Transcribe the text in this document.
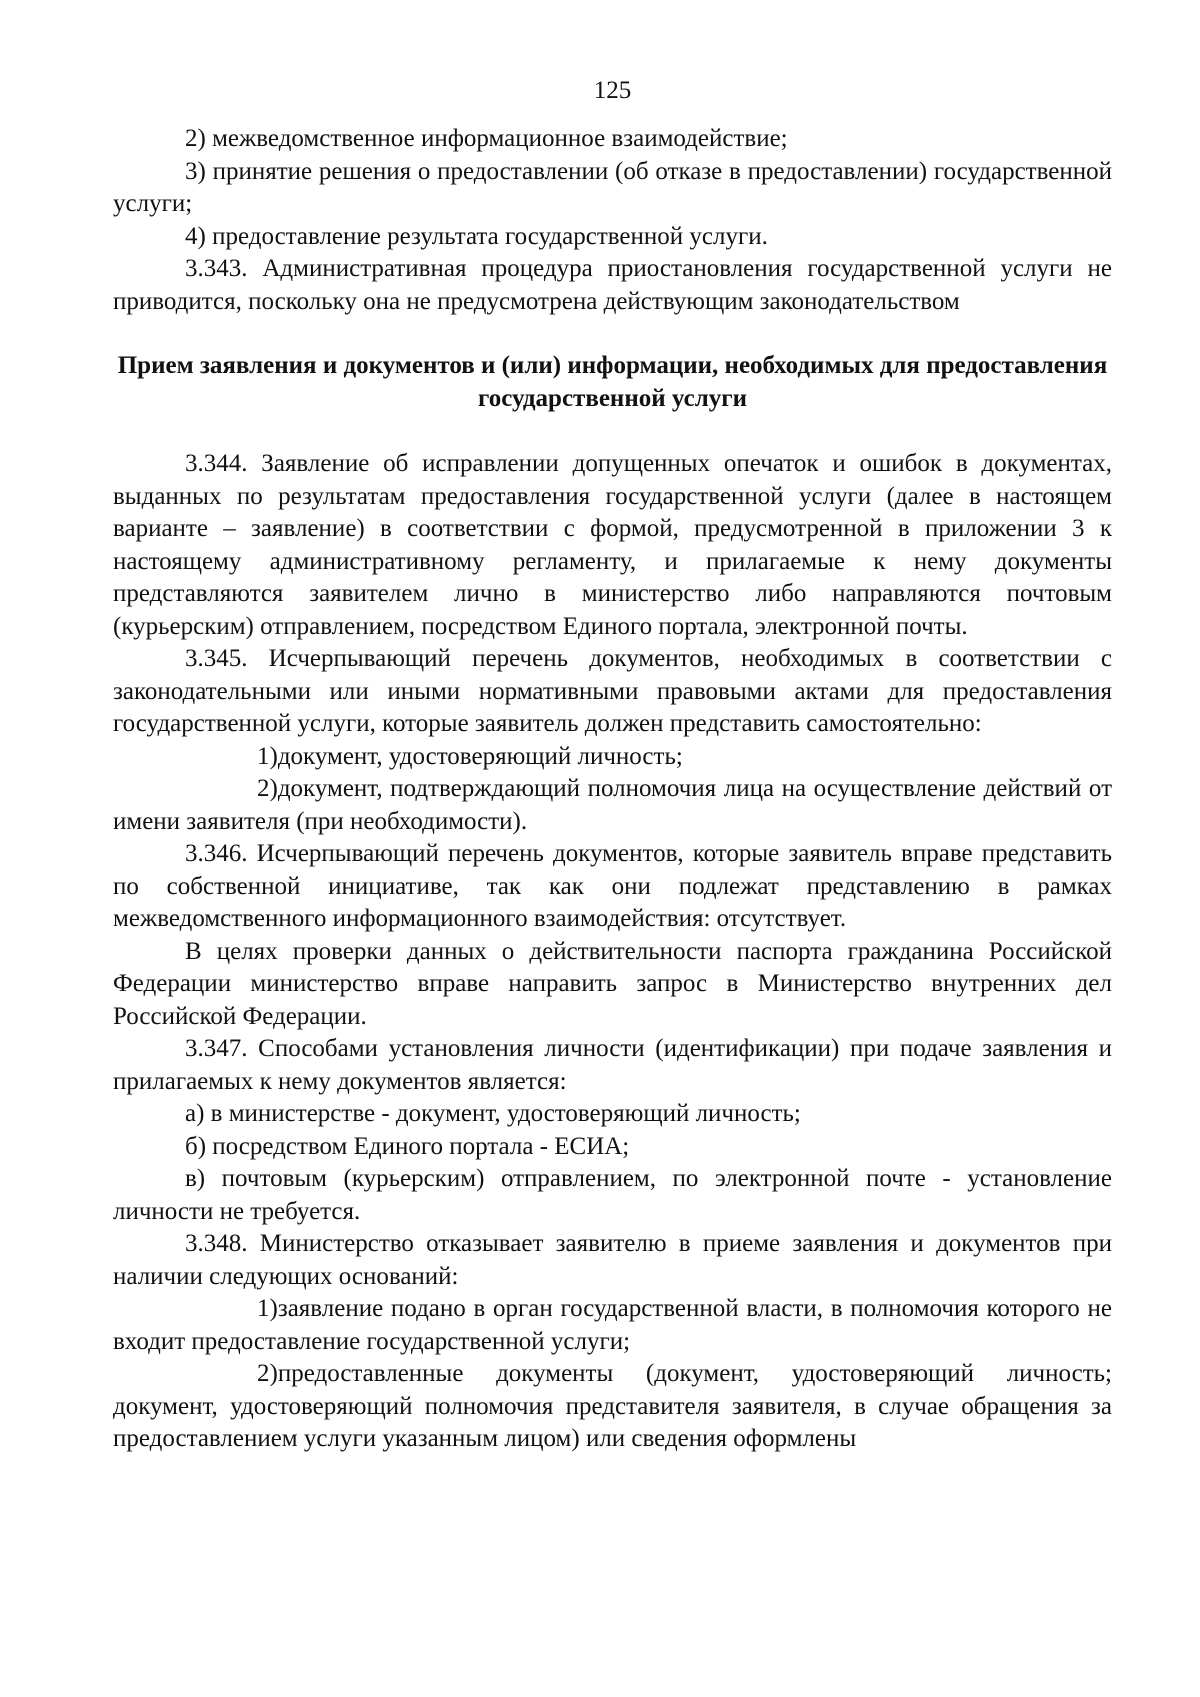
125

2) межведомственное информационное взаимодействие;

3) принятие решения о предоставлении (об отказе в предоставлении) государственной услуги;

4) предоставление результата государственной услуги.

3.343. Административная процедура приостановления государственной услуги не приводится, поскольку она не предусмотрена действующим законодательством

Прием заявления и документов и (или) информации, необходимых для предоставления государственной услуги

3.344. Заявление об исправлении допущенных опечаток и ошибок в документах, выданных по результатам предоставления государственной услуги (далее в настоящем варианте – заявление) в соответствии с формой, предусмотренной в приложении 3 к настоящему административному регламенту, и прилагаемые к нему документы представляются заявителем лично в министерство либо направляются почтовым (курьерским) отправлением, посредством Единого портала, электронной почты.

3.345. Исчерпывающий перечень документов, необходимых в соответствии с законодательными или иными нормативными правовыми актами для предоставления государственной услуги, которые заявитель должен представить самостоятельно:

1)документ, удостоверяющий личность;

2)документ, подтверждающий полномочия лица на осуществление действий от имени заявителя (при необходимости).

3.346. Исчерпывающий перечень документов, которые заявитель вправе представить по собственной инициативе, так как они подлежат представлению в рамках межведомственного информационного взаимодействия: отсутствует.

В целях проверки данных о действительности паспорта гражданина Российской Федерации министерство вправе направить запрос в Министерство внутренних дел Российской Федерации.

3.347. Способами установления личности (идентификации) при подаче заявления и прилагаемых к нему документов является:

а) в министерстве - документ, удостоверяющий личность;

б) посредством Единого портала - ЕСИА;

в) почтовым (курьерским) отправлением, по электронной почте - установление личности не требуется.

3.348. Министерство отказывает заявителю в приеме заявления и документов при наличии следующих оснований:

1)заявление подано в орган государственной власти, в полномочия которого не входит предоставление государственной услуги;

2)предоставленные документы (документ, удостоверяющий личность; документ, удостоверяющий полномочия представителя заявителя, в случае обращения за предоставлением услуги указанным лицом) или сведения оформлены
